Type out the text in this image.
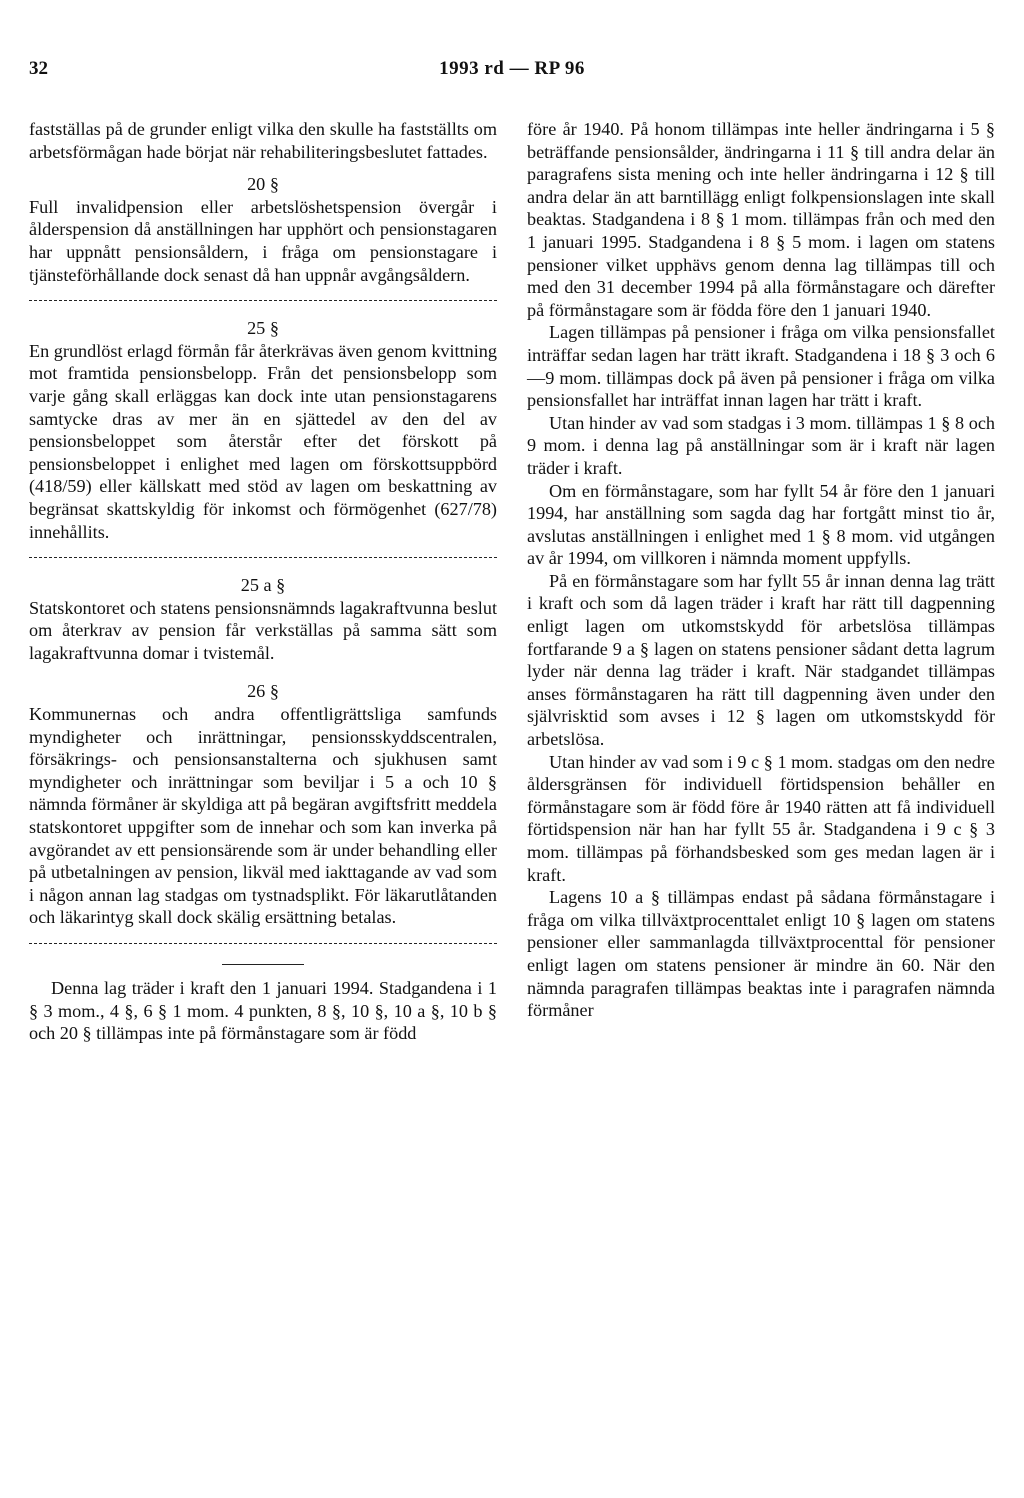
32	1993 rd — RP 96

fastställas på de grunder enligt vilka den skulle ha fastställts om arbetsförmågan hade börjat när rehabiliteringsbeslutet fattades.

20 §

Full invalidpension eller arbetslöshetspension övergår i ålderspension då anställningen har upphört och pensionstagaren har uppnått pensionsåldern, i fråga om pensionstagare i tjänsteförhållande dock senast då han uppnår avgångsåldern.

25 §

En grundlöst erlagd förmån får återkrävas även genom kvittning mot framtida pensionsbelopp. Från det pensionsbelopp som varje gång skall erläggas kan dock inte utan pensionstagarens samtycke dras av mer än en sjättedel av den del av pensionsbeloppet som återstår efter det förskott på pensionsbeloppet i enlighet med lagen om förskottsuppbörd (418/59) eller källskatt med stöd av lagen om beskattning av begränsat skattskyldig för inkomst och förmögenhet (627/78) innehållits.

25 a §

Statskontoret och statens pensionsnämnds lagakraftvunna beslut om återkrav av pension får verkställas på samma sätt som lagakraftvunna domar i tvistemål.

26 §

Kommunernas och andra offentligrättsliga samfunds myndigheter och inrättningar, pensionsskyddscentralen, försäkrings- och pensionsanstalterna och sjukhusen samt myndigheter och inrättningar som beviljar i 5 a och 10 § nämnda förmåner är skyldiga att på begäran avgiftsfritt meddela statskontoret uppgifter som de innehar och som kan inverka på avgörandet av ett pensionsärende som är under behandling eller på utbetalningen av pension, likväl med iakttagande av vad som i någon annan lag stadgas om tystnadsplikt. För läkarutlåtanden och läkarintyg skall dock skälig ersättning betalas.

Denna lag träder i kraft den 1 januari 1994. Stadgandena i 1 § 3 mom., 4 §, 6 § 1 mom. 4 punkten, 8 §, 10 §, 10 a §, 10 b § och 20 § tillämpas inte på förmånstagare som är född

före år 1940. På honom tillämpas inte heller ändringarna i 5 § beträffande pensionsålder, ändringarna i 11 § till andra delar än paragrafens sista mening och inte heller ändringarna i 12 § till andra delar än att barntillägg enligt folkpensionslagen inte skall beaktas. Stadgandena i 8 § 1 mom. tillämpas från och med den 1 januari 1995. Stadgandena i 8 § 5 mom. i lagen om statens pensioner vilket upphävs genom denna lag tillämpas till och med den 31 december 1994 på alla förmånstagare och därefter på förmånstagare som är födda före den 1 januari 1940.

Lagen tillämpas på pensioner i fråga om vilka pensionsfallet inträffar sedan lagen har trätt ikraft. Stadgandena i 18 § 3 och 6—9 mom. tillämpas dock på även på pensioner i fråga om vilka pensionsfallet har inträffat innan lagen har trätt i kraft.

Utan hinder av vad som stadgas i 3 mom. tillämpas 1 § 8 och 9 mom. i denna lag på anställningar som är i kraft när lagen träder i kraft.

Om en förmånstagare, som har fyllt 54 år före den 1 januari 1994, har anställning som sagda dag har fortgått minst tio år, avslutas anställningen i enlighet med 1 § 8 mom. vid utgången av år 1994, om villkoren i nämnda moment uppfylls.

På en förmånstagare som har fyllt 55 år innan denna lag trätt i kraft och som då lagen träder i kraft har rätt till dagpenning enligt lagen om utkomstskydd för arbetslösa tillämpas fortfarande 9 a § lagen on statens pensioner sådant detta lagrum lyder när denna lag träder i kraft. När stadgandet tillämpas anses förmånstagaren ha rätt till dagpenning även under den självrisktid som avses i 12 § lagen om utkomstskydd för arbetslösa.

Utan hinder av vad som i 9 c § 1 mom. stadgas om den nedre åldersgränsen för individuell förtidspension behåller en förmånstagare som är född före år 1940 rätten att få individuell förtidspension när han har fyllt 55 år. Stadgandena i 9 c § 3 mom. tillämpas på förhandsbesked som ges medan lagen är i kraft.

Lagens 10 a § tillämpas endast på sådana förmånstagare i fråga om vilka tillväxtprocenttalet enligt 10 § lagen om statens pensioner eller sammanlagda tillväxtprocenttal för pensioner enligt lagen om statens pensioner är mindre än 60. När den nämnda paragrafen tillämpas beaktas inte i paragrafen nämnda förmåner
